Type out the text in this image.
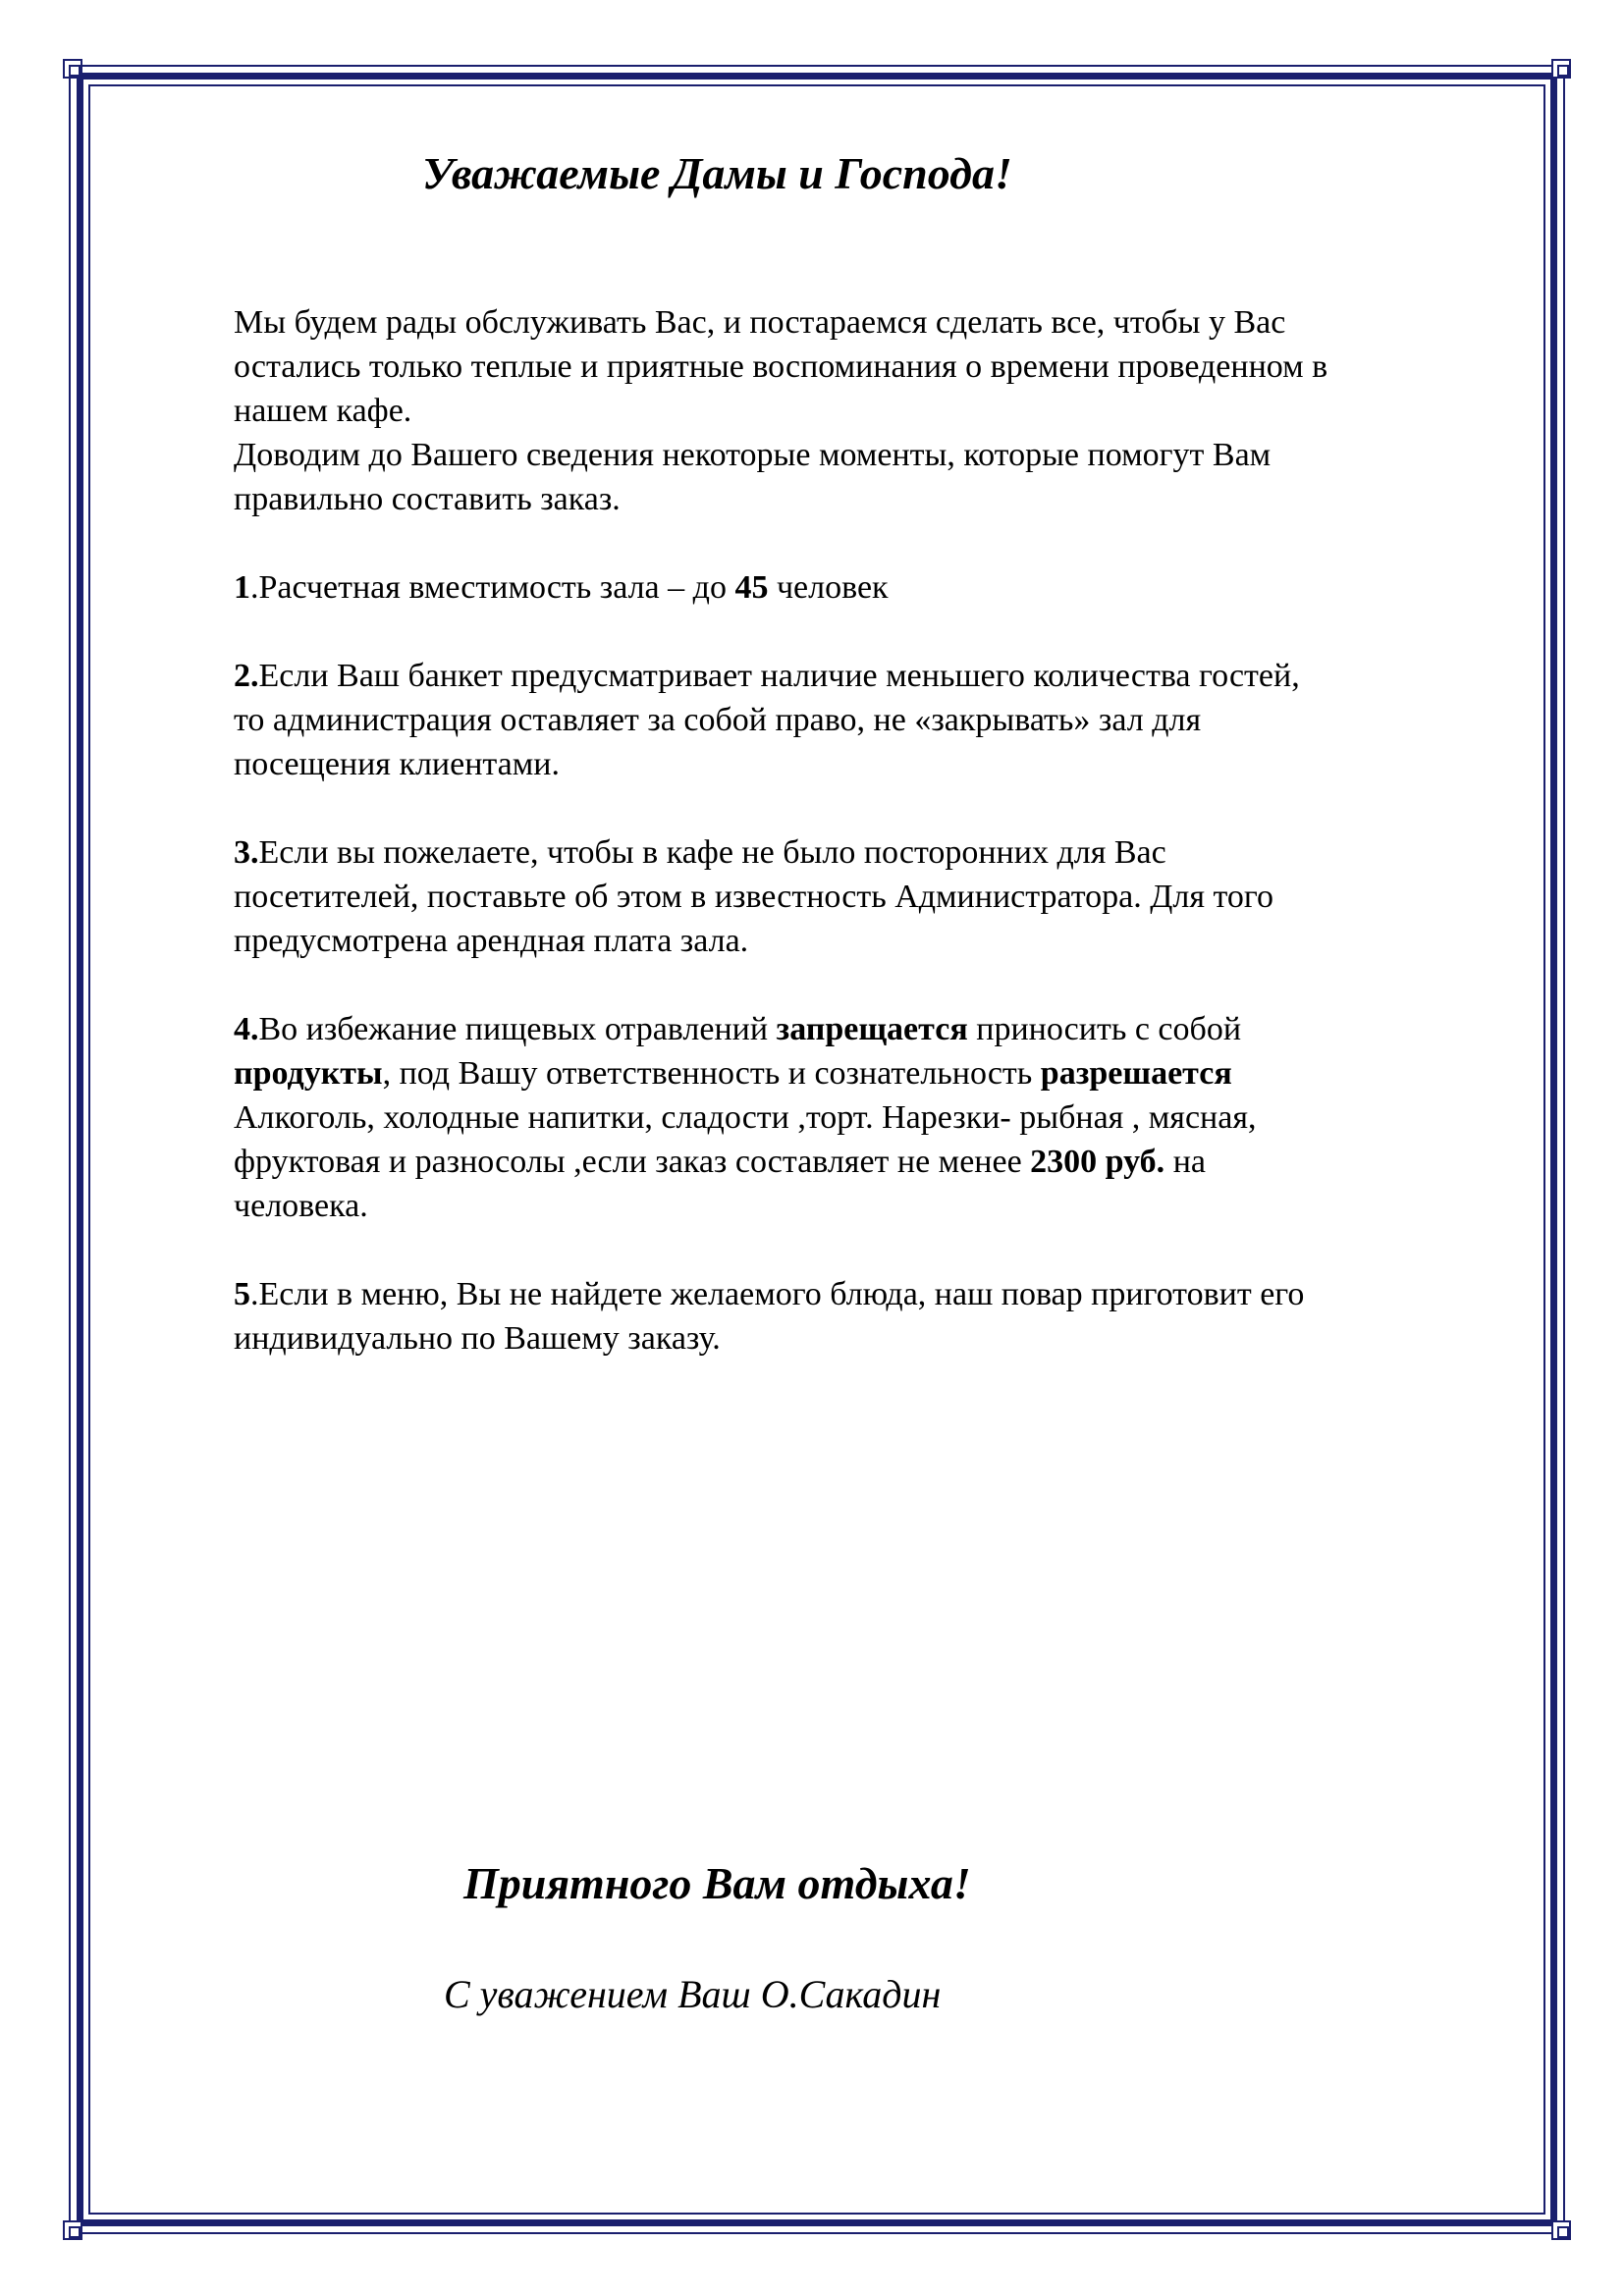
Уважаемые Дамы и Господа!

Мы будем рады обслуживать Вас, и постараемся сделать все, чтобы у Вас

остались только теплые и приятные воспоминания о времени проведенном в

нашем кафе.

Доводим до Вашего сведения некоторые моменты, которые помогут Вам

правильно составить заказ.

1.Расчетная вместимость зала – до 45 человек

2.Если Ваш банкет предусматривает наличие меньшего количества гостей,

то администрация оставляет за собой право, не «закрывать» зал для

посещения клиентами.

3.Если вы пожелаете, чтобы в кафе не было посторонних для Вас

посетителей, поставьте об этом в известность Администратора. Для того

предусмотрена арендная плата зала.

4.Во избежание пищевых отравлений запрещается приносить с собой

продукты, под Вашу ответственность и сознательность разрешается

Алкоголь, холодные напитки, сладости ,торт. Нарезки- рыбная , мясная,

фруктовая и разносолы ,если заказ составляет не менее 2300 руб. на

человека.

5.Если в меню, Вы не найдете желаемого блюда, наш повар приготовит его

индивидуально по Вашему заказу.

Приятного Вам отдыха!

С уважением Ваш О.Сакадин
